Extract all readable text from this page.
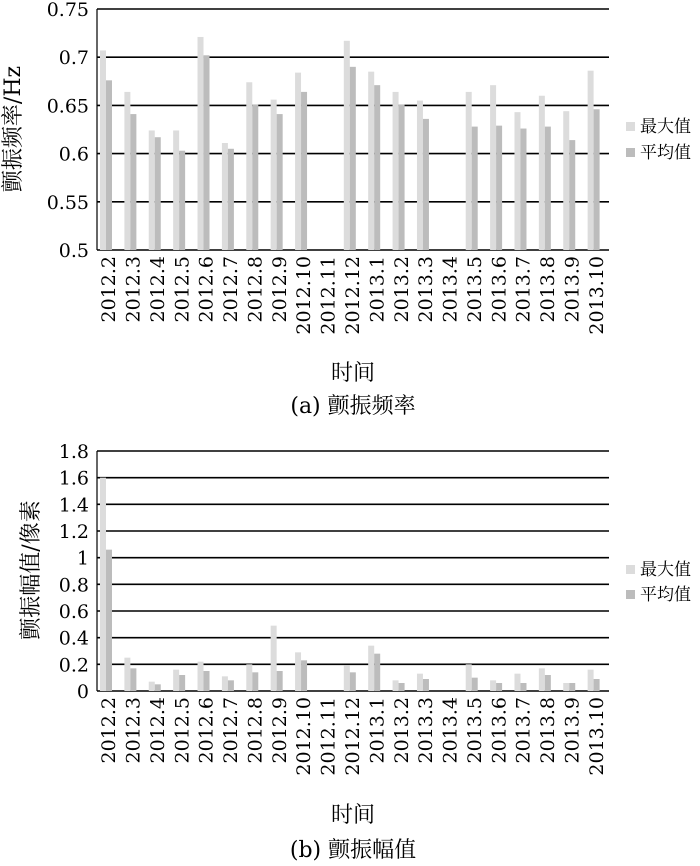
0.5
0.55
0.6
0.65
0.7
0.75
2012.2 2012.3 2012.4 2012.5 2012.6 2012.7 2012.8 2012.9 2012.10 2012.11 2012.12 2013.1 2013.2 2013.3 2013.4 2013.5 2013.6 2013.7 2013.8 2013.9 2013.10
颤振频率/Hz
时间
(a) 颤振频率
最大值
平均值
0
0.2
0.4
0.6
0.8
1
1.2
1.4
1.6
1.8
2012.2 2012.3 2012.4 2012.5 2012.6 2012.7 2012.8 2012.9 2012.10 2012.11 2012.12 2013.1 2013.2 2013.3 2013.4 2013.5 2013.6 2013.7 2013.8 2013.9 2013.10
颤振幅值/像素
时间
(b) 颤振幅值
最大值
平均值
